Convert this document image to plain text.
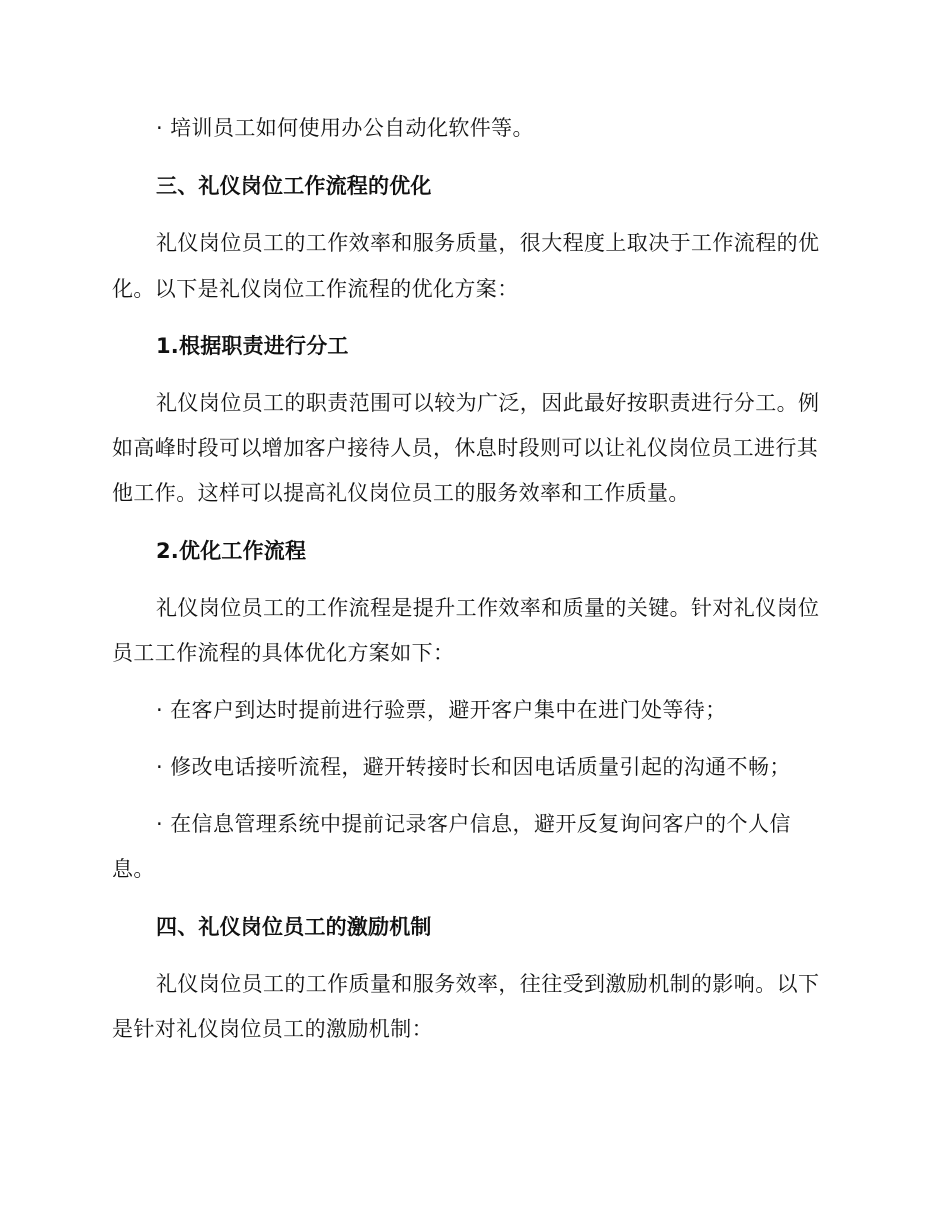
· 培训员工如何使用办公自动化软件等。
三、礼仪岗位工作流程的优化
礼仪岗位员工的工作效率和服务质量，很大程度上取决于工作流程的优
化。以下是礼仪岗位工作流程的优化方案：
1.根据职责进行分工
礼仪岗位员工的职责范围可以较为广泛，因此最好按职责进行分工。例
如高峰时段可以增加客户接待人员，休息时段则可以让礼仪岗位员工进行其
他工作。这样可以提高礼仪岗位员工的服务效率和工作质量。
2.优化工作流程
礼仪岗位员工的工作流程是提升工作效率和质量的关键。针对礼仪岗位
员工工作流程的具体优化方案如下：
· 在客户到达时提前进行验票，避开客户集中在进门处等待；
· 修改电话接听流程，避开转接时长和因电话质量引起的沟通不畅；
· 在信息管理系统中提前记录客户信息，避开反复询问客户的个人信
息。
四、礼仪岗位员工的激励机制
礼仪岗位员工的工作质量和服务效率，往往受到激励机制的影响。以下
是针对礼仪岗位员工的激励机制：
